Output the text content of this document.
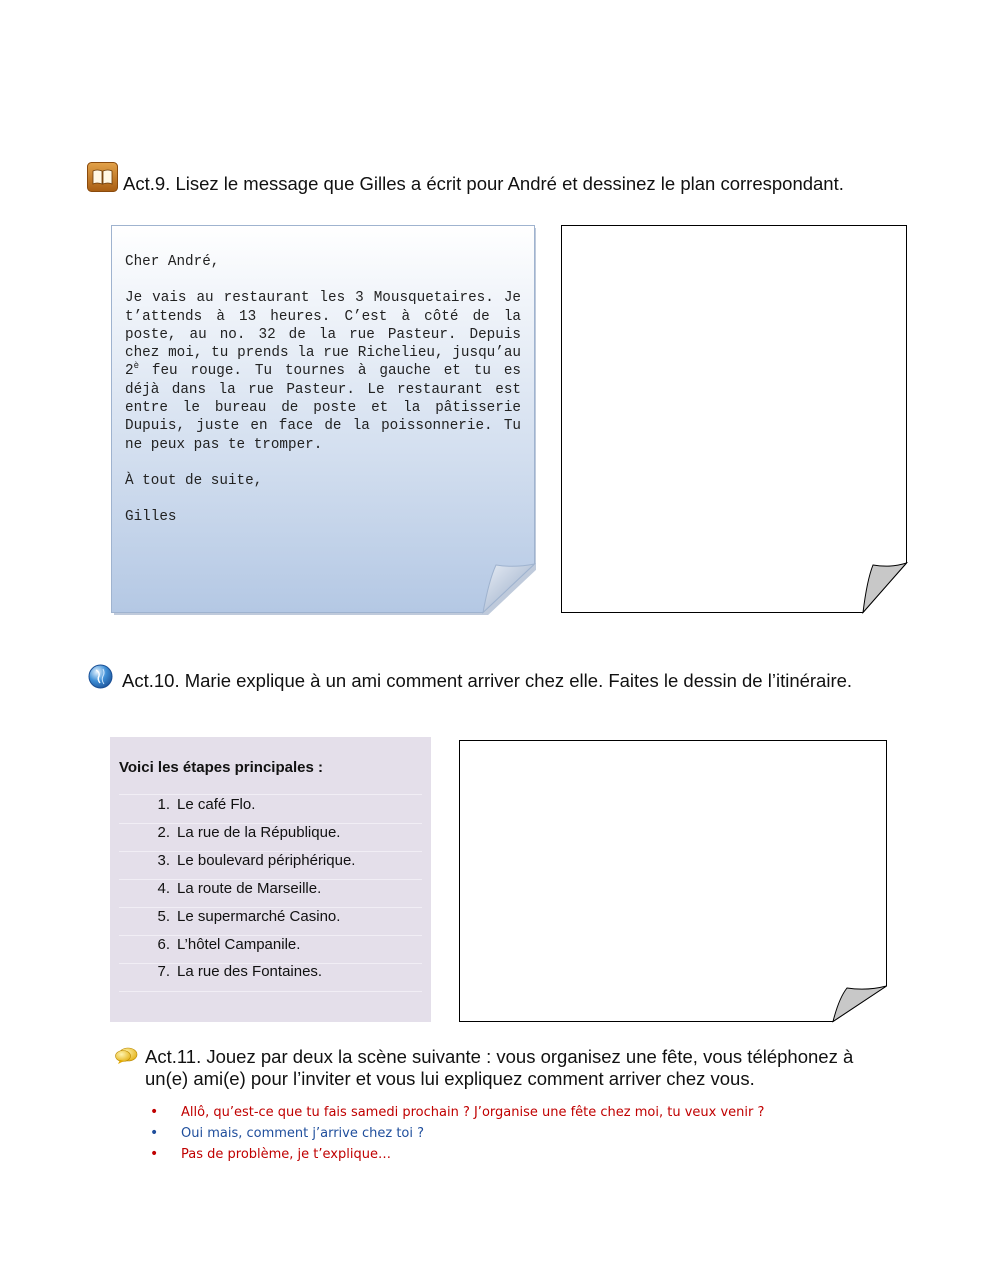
Act.9. Lisez le message que Gilles a écrit pour André et dessinez le plan correspondant.

Cher André,

Je vais au restaurant les 3 Mousquetaires. Je t’attends à 13 heures. C’est à côté de la poste, au no. 32 de la rue Pasteur. Depuis chez moi, tu prends la rue Richelieu, jusqu’au $2^è$ feu rouge. Tu tournes à gauche et tu es déjà dans la rue Pasteur. Le restaurant est entre le bureau de poste et la pâtisserie Dupuis, juste en face de la poissonnerie. Tu ne peux pas te tromper.

À tout de suite,

Gilles

Act.10. Marie explique à un ami comment arriver chez elle. Faites le dessin de l’itinéraire.
Voici les étapes principales :
1. Le café Flo.
2. La rue de la République.
3. Le boulevard périphérique.
4. La route de Marseille.
5. Le supermarché Casino.
6. L’hôtel Campanile.
7. La rue des Fontaines.
Act.11. Jouez par deux la scène suivante : vous organisez une fête, vous téléphonez à
un(e) ami(e) pour l’inviter et vous lui expliquez comment arriver chez vous.
• Allô, qu’est-ce que tu fais samedi prochain ? J’organise une fête chez moi, tu veux venir ?
• Oui mais, comment j’arrive chez toi ?
• Pas de problème, je t’explique…
